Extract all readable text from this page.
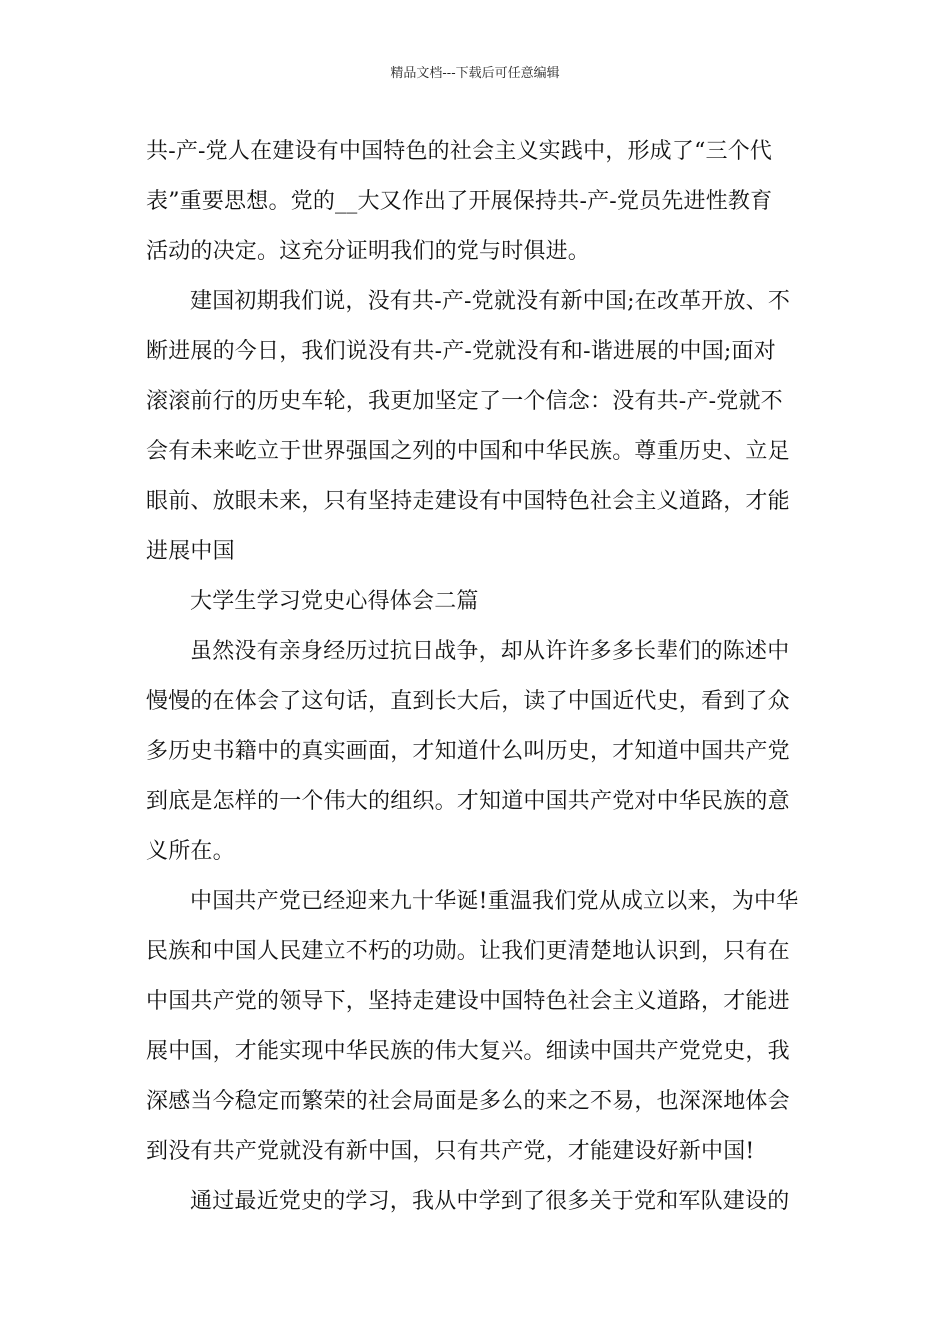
精品文档---下载后可任意编辑
共-产-党人在建设有中国特色的社会主义实践中，形成了“三个代
表”重要思想。党的__大又作出了开展保持共-产-党员先进性教育
活动的决定。这充分证明我们的党与时俱进。
建国初期我们说，没有共-产-党就没有新中国;在改革开放、不
断进展的今日，我们说没有共-产-党就没有和-谐进展的中国;面对
滚滚前行的历史车轮，我更加坚定了一个信念：没有共-产-党就不
会有未来屹立于世界强国之列的中国和中华民族。尊重历史、立足
眼前、放眼未来，只有坚持走建设有中国特色社会主义道路，才能
进展中国
大学生学习党史心得体会二篇
虽然没有亲身经历过抗日战争，却从许许多多长辈们的陈述中
慢慢的在体会了这句话，直到长大后，读了中国近代史，看到了众
多历史书籍中的真实画面，才知道什么叫历史，才知道中国共产党
到底是怎样的一个伟大的组织。才知道中国共产党对中华民族的意
义所在。
中国共产党已经迎来九十华诞!重温我们党从成立以来，为中华
民族和中国人民建立不朽的功勋。让我们更清楚地认识到，只有在
中国共产党的领导下，坚持走建设中国特色社会主义道路，才能进
展中国，才能实现中华民族的伟大复兴。细读中国共产党党史，我
深感当今稳定而繁荣的社会局面是多么的来之不易，也深深地体会
到没有共产党就没有新中国，只有共产党，才能建设好新中国!
通过最近党史的学习，我从中学到了很多关于党和军队建设的
